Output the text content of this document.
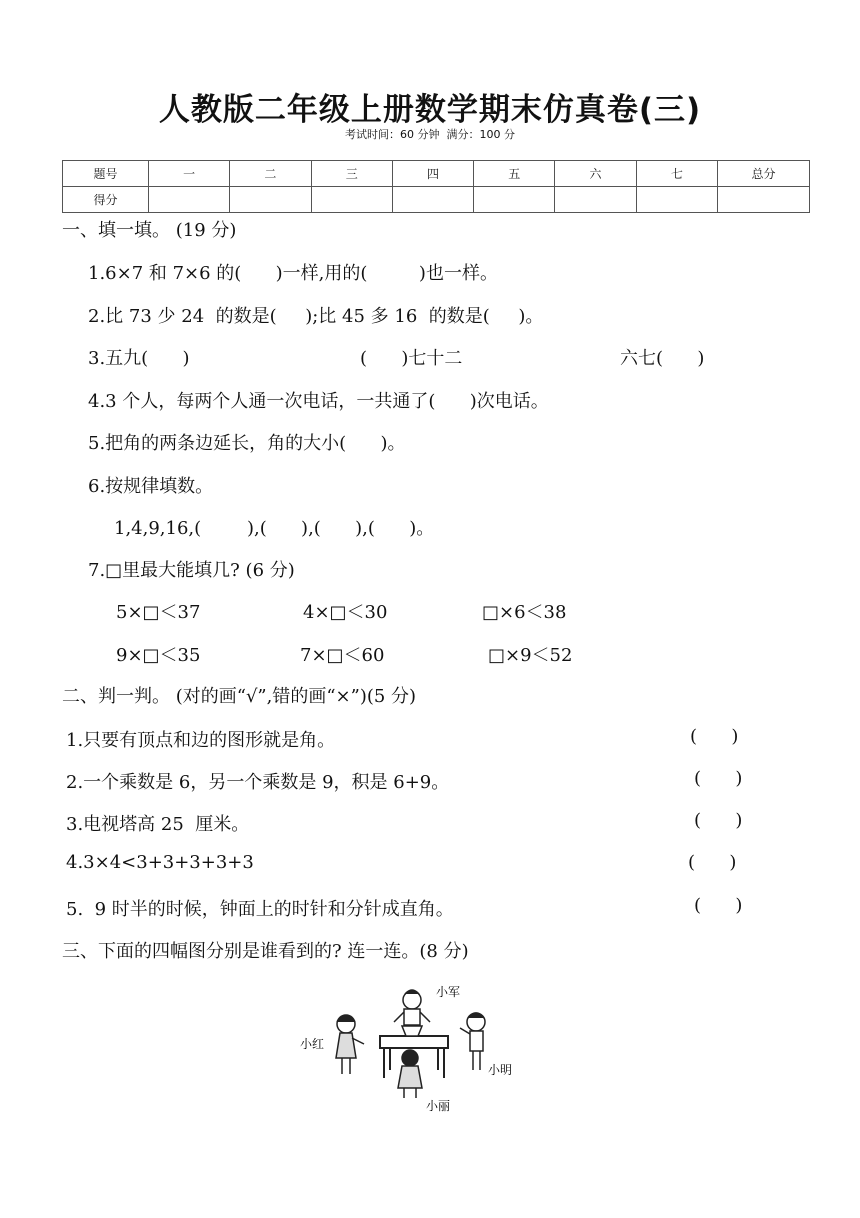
人教版二年级上册数学期末仿真卷(三)
考试时间：60 分钟  满分：100 分
题号	一	二	三	四	五	六	七	总分
得分								
一、填一填。 (19 分)
1.6×7 和 7×6 的(      )一样,用的(         )也一样。
2.比 73 少 24  的数是(     );比 45 多 16  的数是(     )。
3.五九(      )	(      )七十二	六七(      )
4.3 个人，每两个人通一次电话，一共通了(      )次电话。
5.把角的两条边延长，角的大小(      )。
6.按规律填数。
1,4,9,16,(        ),(      ),(      ),(      )。
7.□里最大能填几? (6 分)
5×□＜37	4×□＜30	□×6＜38
9×□＜35	7×□＜60	□×9＜52
二、判一判。 (对的画“√”,错的画“×”)(5 分)
1.只要有顶点和边的图形就是角。	(      )
2.一个乘数是 6，另一个乘数是 9，积是 6+9。	(      )
3.电视塔高 25  厘米。	(      )
4.3×4<3+3+3+3+3	(      )
5.  9 时半的时候，钟面上的时针和分针成直角。	(      )
三、下面的四幅图分别是谁看到的? 连一连。(8 分)
小军
小红
小明
小丽
